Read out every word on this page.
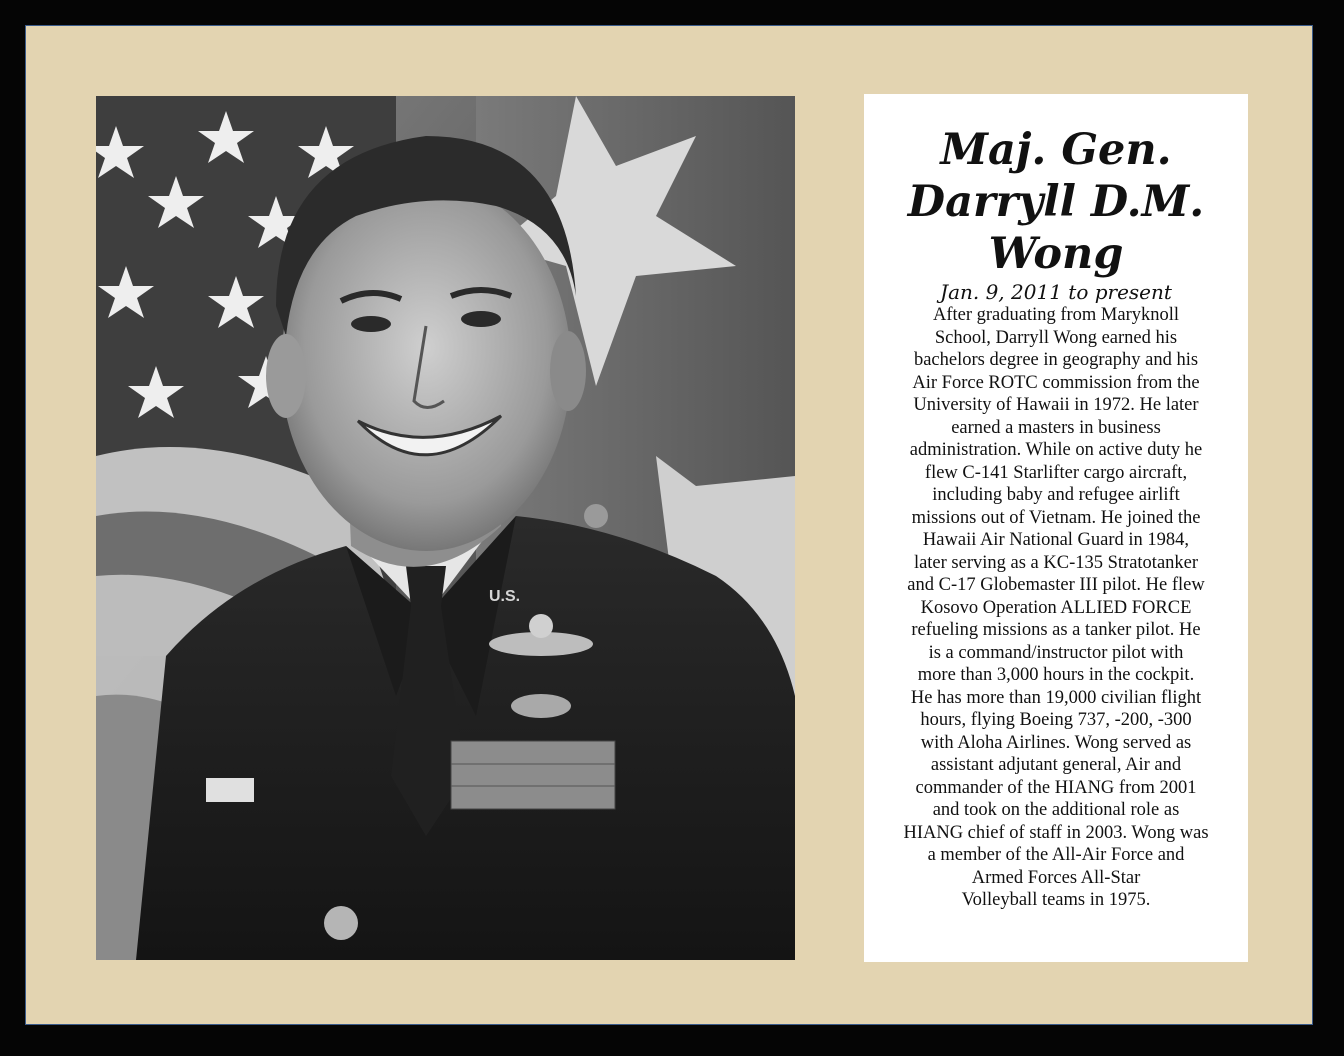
U.S.
Maj. Gen.
Darryll D.M.
Wong

Jan. 9, 2011 to present

After graduating from Maryknoll
School, Darryll Wong earned his
bachelors degree in geography and his
Air Force ROTC commission from the
University of Hawaii in 1972. He later
earned a masters in business
administration. While on active duty he
flew C-141 Starlifter cargo aircraft,
including baby and refugee airlift
missions out of Vietnam. He joined the
Hawaii Air National Guard in 1984,
later serving as a KC-135 Stratotanker
and C-17 Globemaster III pilot. He flew
Kosovo Operation ALLIED FORCE
refueling missions as a tanker pilot. He
is a command/instructor pilot with
more than 3,000 hours in the cockpit.
He has more than 19,000 civilian flight
hours, flying Boeing 737, -200, -300
with Aloha Airlines. Wong served as
assistant adjutant general, Air and
commander of the HIANG from 2001
and took on the additional role as
HIANG chief of staff in 2003. Wong was
a member of the All-Air Force and
Armed Forces All-Star
Volleyball teams in 1975.
